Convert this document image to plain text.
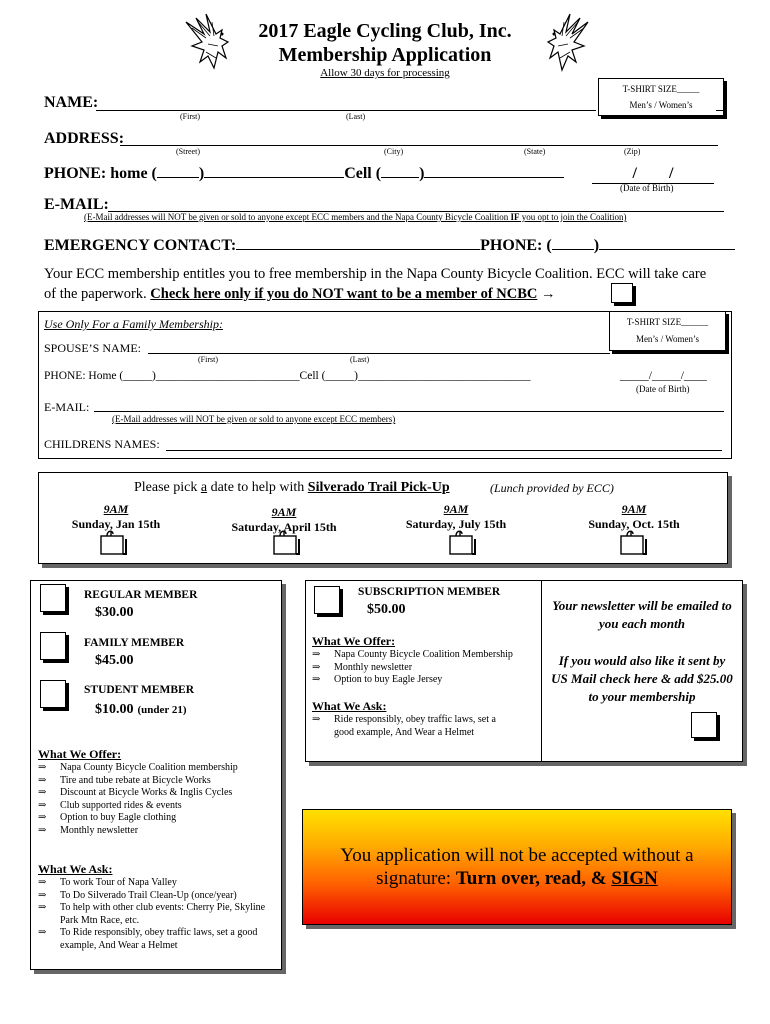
2017 Eagle Cycling Club, Inc.
Membership Application
Allow 30 days for processing
T-SHIRT SIZE_____
Men’s / Women’s
NAME:
(First)	(Last)
ADDRESS:
(Street)	(City)	(State)	(Zip)
PHONE: home (	)	Cell ( )	/        /
(Date of Birth)
E-MAIL:
(E-Mail addresses will NOT be given or sold to anyone except ECC members and the Napa County Bicycle Coalition IF you opt to join the Coalition)
EMERGENCY CONTACT:	PHONE: (	)
Your ECC membership entitles you to free membership in the Napa County Bicycle Coalition. ECC will take care of the paperwork. Check here only if you do NOT want to be a member of NCBC →
Use Only For a Family Membership:	T-SHIRT SIZE______
Men’s / Women’s
SPOUSE’S NAME:
(First)	(Last)
PHONE: Home (_____)_________________________Cell (_____)______________________________	_____/_____/____
(Date of Birth)
E-MAIL:
(E-Mail addresses will NOT be given or sold to anyone except ECC members)
CHILDRENS NAMES:
Please pick a date to help with Silverado Trail Pick-Up	(Lunch provided by ECC)
9AM
Sunday, Jan 15th
9AM
Saturday, April 15th
9AM
Saturday, July 15th
9AM
Sunday, Oct. 15th
REGULAR MEMBER
$30.00
FAMILY MEMBER
$45.00
STUDENT MEMBER
$10.00 (under 21)
What We Offer:
⇒ Napa County Bicycle Coalition membership
⇒ Tire and tube rebate at Bicycle Works
⇒ Discount at Bicycle Works & Inglis Cycles
⇒ Club supported rides & events
⇒ Option to buy Eagle clothing
⇒ Monthly newsletter
What We Ask:
⇒ To work Tour of Napa Valley
⇒ To Do Silverado Trail Clean-Up (once/year)
⇒ To help with other club events: Cherry Pie, Skyline Park Mtn Race, etc.
⇒ To Ride responsibly, obey traffic laws, set a good example, And Wear a Helmet
SUBSCRIPTION MEMBER
$50.00
What We Offer:
⇒ Napa County Bicycle Coalition Membership
⇒ Monthly newsletter
⇒ Option to buy Eagle Jersey
What We Ask:
⇒ Ride responsibly, obey traffic laws, set a good example, And Wear a Helmet
Your newsletter will be emailed to you each month
If you would also like it sent by US Mail check here & add $25.00 to your membership
You application will not be accepted without a signature: Turn over, read, & SIGN
